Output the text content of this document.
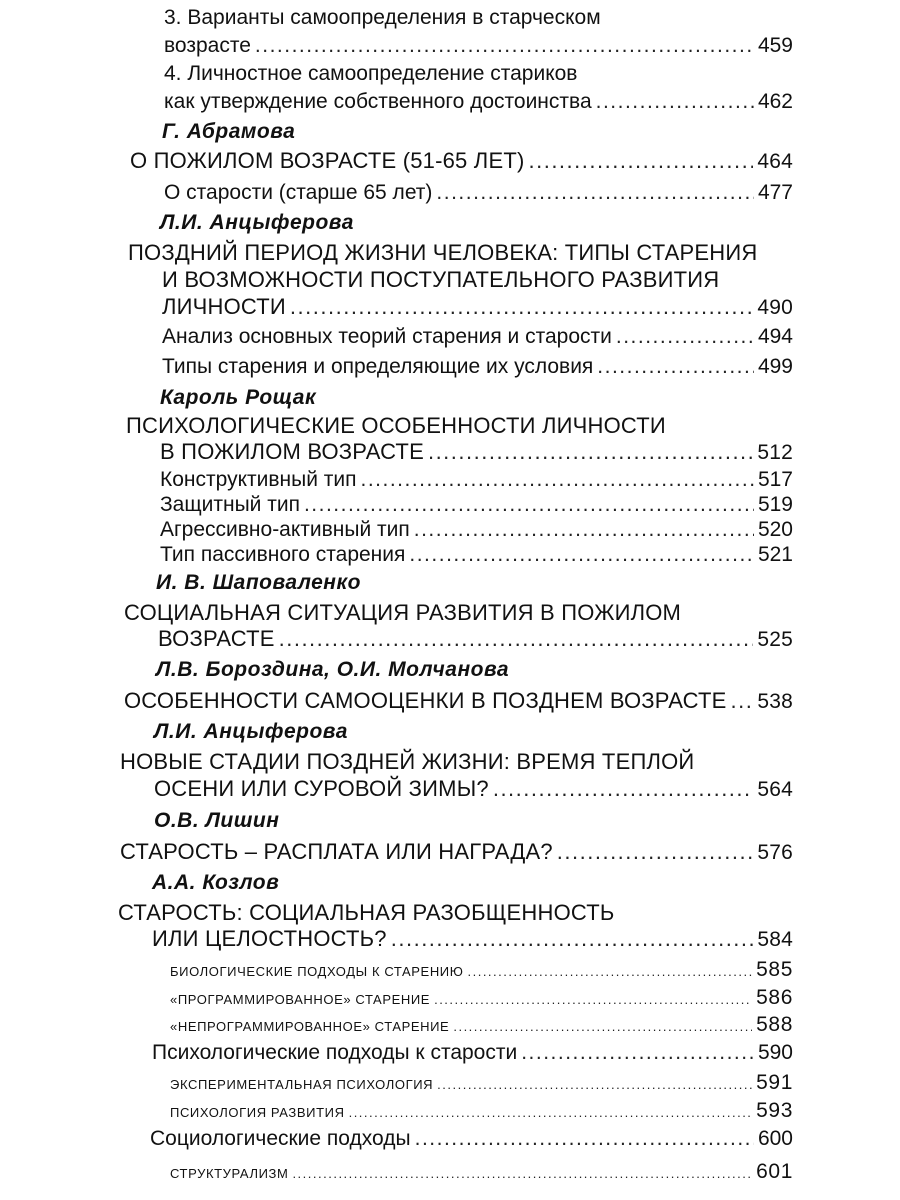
3. Варианты самоопределения в старческом
возрасте .....	459
4. Личностное самоопределение стариков
как утверждение собственного достоинства .....	462
Г. Абрамова
О ПОЖИЛОМ ВОЗРАСТЕ (51-65 ЛЕТ) .....	464
О старости (старше 65 лет) .....	477
Л.И. Анцыферова
ПОЗДНИЙ ПЕРИОД ЖИЗНИ ЧЕЛОВЕКА: ТИПЫ СТАРЕНИЯ
И ВОЗМОЖНОСТИ ПОСТУПАТЕЛЬНОГО РАЗВИТИЯ
ЛИЧНОСТИ .....	490
Анализ основных теорий старения и старости .....	494
Типы старения и определяющие их условия .....	499
Кароль Рощак
ПСИХОЛОГИЧЕСКИЕ ОСОБЕННОСТИ ЛИЧНОСТИ
В ПОЖИЛОМ ВОЗРАСТЕ .....	512
Конструктивный тип .....	517
Защитный тип .....	519
Агрессивно-активный тип .....	520
Тип пассивного старения .....	521
И. В. Шаповаленко
СОЦИАЛЬНАЯ СИТУАЦИЯ РАЗВИТИЯ В ПОЖИЛОМ
ВОЗРАСТЕ .....	525
Л.В. Бороздина, О.И. Молчанова
ОСОБЕННОСТИ САМООЦЕНКИ В ПОЗДНЕМ ВОЗРАСТЕ ..... 538
Л.И. Анцыферова
НОВЫЕ СТАДИИ ПОЗДНЕЙ ЖИЗНИ: ВРЕМЯ ТЕПЛОЙ
ОСЕНИ ИЛИ СУРОВОЙ ЗИМЫ? .....	564
О.В. Лишин
СТАРОСТЬ – РАСПЛАТА ИЛИ НАГРАДА? .....	576
А.А. Козлов
СТАРОСТЬ: СОЦИАЛЬНАЯ РАЗОБЩЕННОСТЬ
ИЛИ ЦЕЛОСТНОСТЬ? .....	584
БИОЛОГИЧЕСКИЕ ПОДХОДЫ К СТАРЕНИЮ .....	585
«ПРОГРАММИРОВАННОЕ» СТАРЕНИЕ .....	586
«НЕПРОГРАММИРОВАННОЕ» СТАРЕНИЕ .....	588
Психологические подходы к старости .....	590
ЭКСПЕРИМЕНТАЛЬНАЯ ПСИХОЛОГИЯ .....	591
ПСИХОЛОГИЯ РАЗВИТИЯ .....	593
Социологические подходы .....	600
СТРУКТУРАЛИЗМ .....	601
